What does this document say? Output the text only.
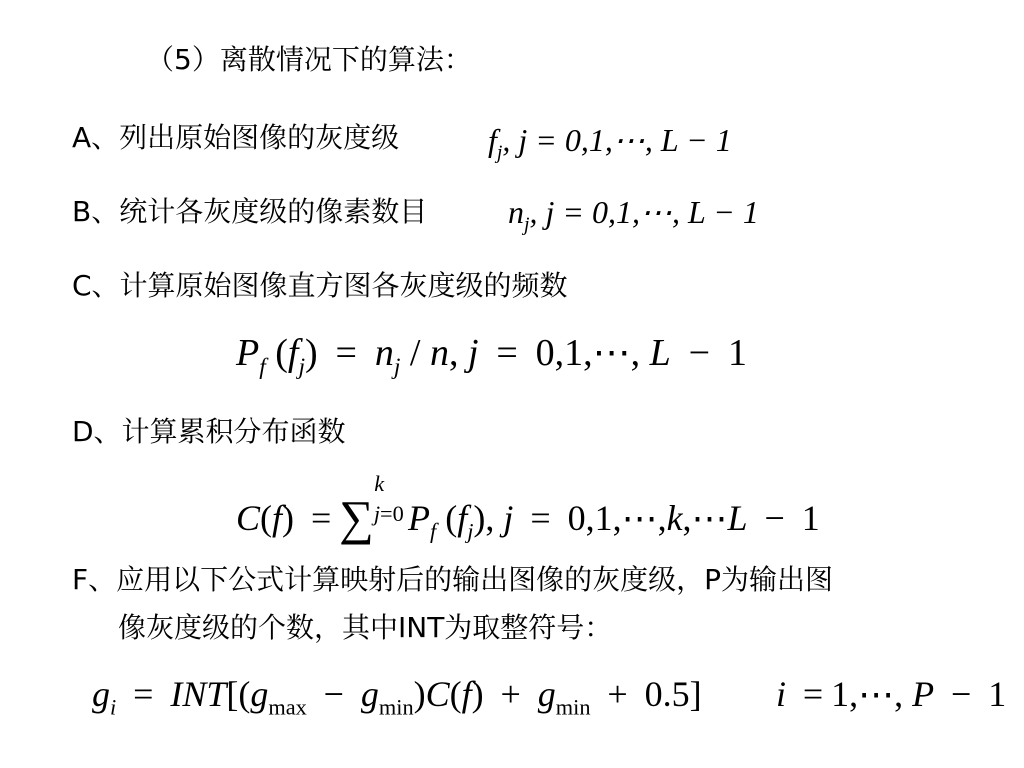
（5）离散情况下的算法：
A、列出原始图像的灰度级	$f_j$, j = 0,1,⋯, L − 1
B、统计各灰度级的像素数目	$n_j$, j = 0,1,⋯, L − 1
C、计算原始图像直方图各灰度级的频数
$P_f$ $(f_j) = n_j / n$, j = 0,1,⋯, L − 1
D、计算累积分布函数
C(f) = ∑
k
j=0 $P_f$ $(f_j)$, j = 0,1,⋯,k,⋯L − 1
F、应用以下公式计算映射后的输出图像的灰度级，P为输出图
像灰度级的个数，其中INT为取整符号：
$g_i = INT[(g_{max} - g_{min})C(f) + g_{min} + 0.5] i$ = 1,⋯, P − 1
